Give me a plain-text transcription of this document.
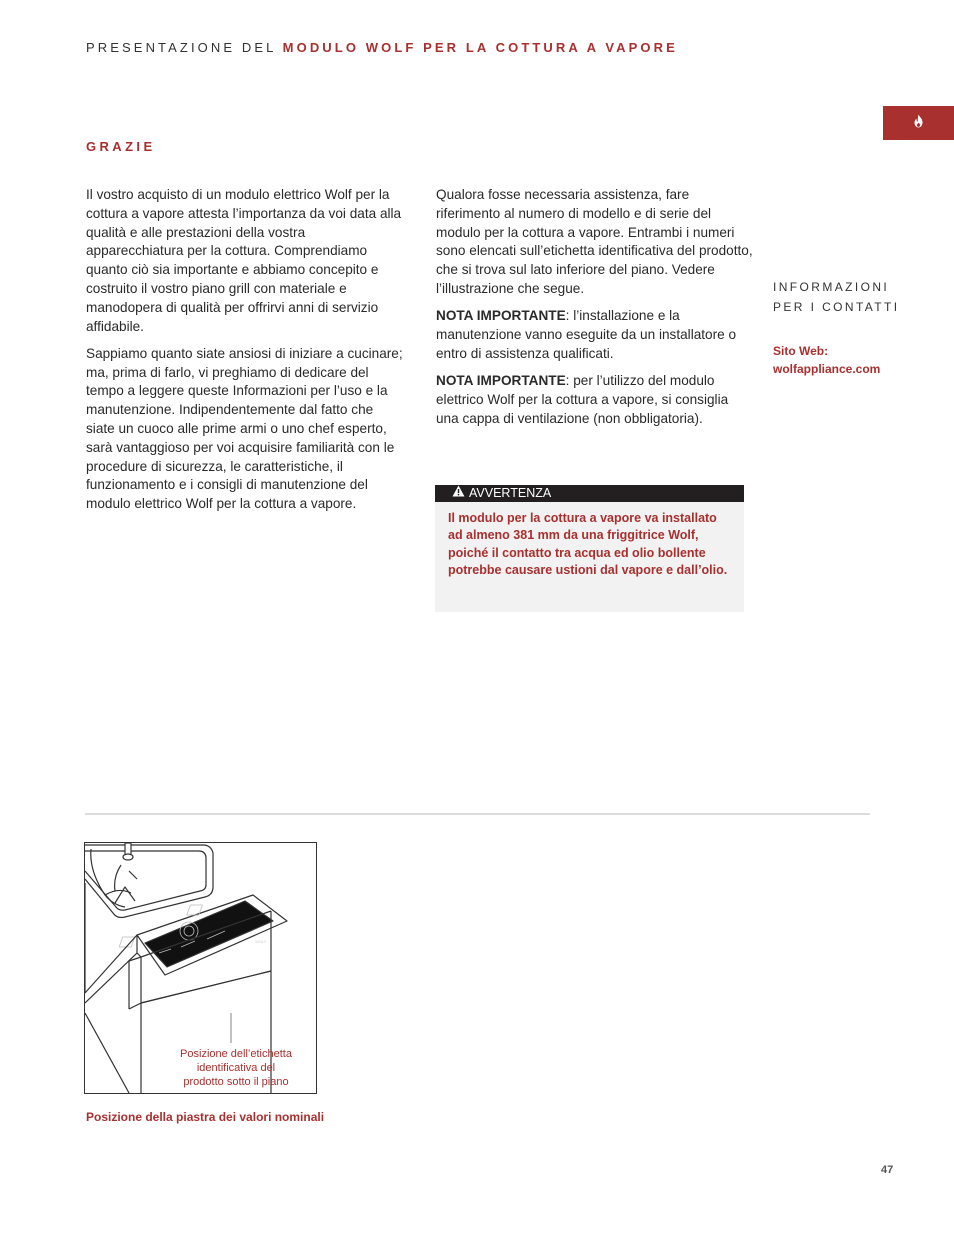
PRESENTAZIONE DEL MODULO WOLF PER LA COTTURA A VAPORE
GRAZIE

Il vostro acquisto di un modulo elettrico Wolf per la cottura a vapore attesta l’importanza da voi data alla qualità e alle prestazioni della vostra apparecchiatura per la cottura. Comprendiamo quanto ciò sia importante e abbiamo concepito e costruito il vostro piano grill con materiale e manodopera di qualità per offrirvi anni di servizio affidabile.

Sappiamo quanto siate ansiosi di iniziare a cucinare; ma, prima di farlo, vi preghiamo di dedicare del tempo a leggere queste Informazioni per l’uso e la manutenzione. Indipendentemente dal fatto che siate un cuoco alle prime armi o uno chef esperto, sarà vantaggioso per voi acquisire familiarità con le procedure di sicurezza, le caratteristiche, il funzionamento e i consigli di manutenzione del modulo elettrico Wolf per la cottura a vapore.

Qualora fosse necessaria assistenza, fare riferimento al numero di modello e di serie del modulo per la cottura a vapore. Entrambi i numeri sono elencati sull’etichetta identificativa del prodotto, che si trova sul lato inferiore del piano. Vedere l’illustrazione che segue.

NOTA IMPORTANTE: l’installazione e la manutenzione vanno eseguite da un installatore o entro di assistenza qualificati.

NOTA IMPORTANTE: per l’utilizzo del modulo elettrico Wolf per la cottura a vapore, si consiglia una cappa di ventilazione (non obbligatoria).

AVVERTENZA
Il modulo per la cottura a vapore va installato ad almeno 381 mm da una friggitrice Wolf, poiché il contatto tra acqua ed olio bollente potrebbe causare ustioni dal vapore e dall’olio.
INFORMAZIONI
PER I CONTATTI
Sito Web:
wolfappliance.com
WOLF
Posizione dell’etichetta
identificativa del
prodotto sotto il piano
Posizione della piastra dei valori nominali
47
